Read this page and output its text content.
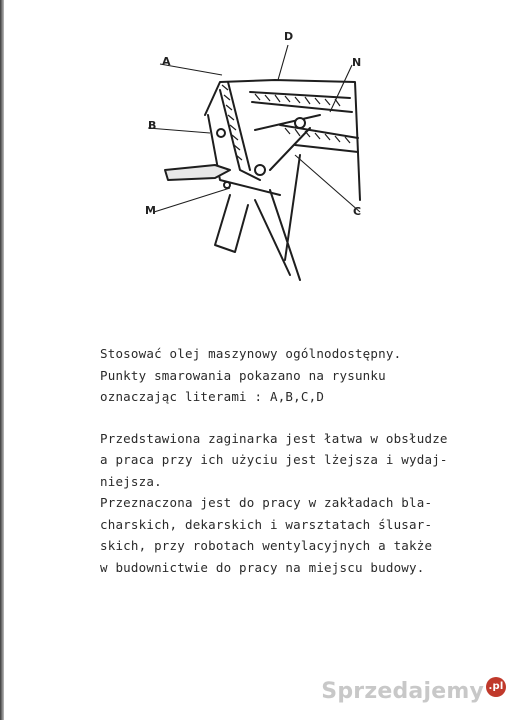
A
B
D
N
M	C

Stosować olej maszynowy ogólnodostępny.
Punkty smarowania pokazano na rysunku
oznaczając literami : A,B,C,D

Przedstawiona zaginarka jest łatwa w obsłudze
a praca przy ich użyciu jest lżejsza i wydaj-
niejsza.
Przeznaczona jest do pracy w zakładach bla-
charskich, dekarskich i warsztatach ślusar-
skich, przy robotach wentylacyjnych a także
w budownictwie do pracy na miejscu budowy.

Sprzedajemy .pl
